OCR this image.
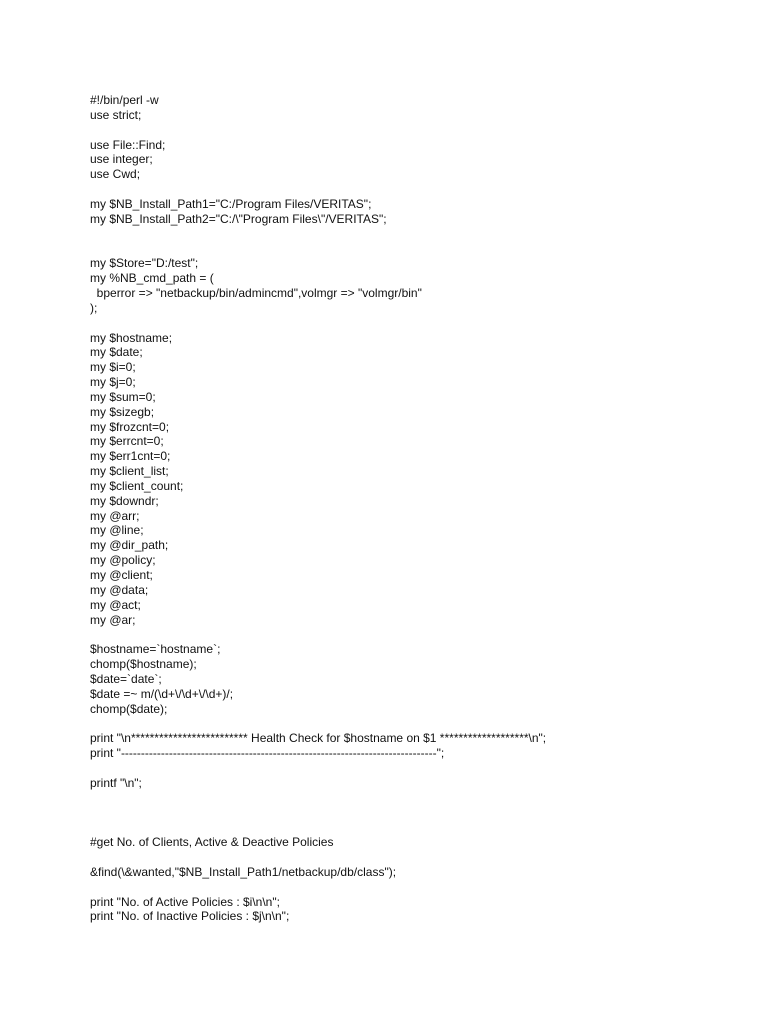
#!/bin/perl -w
use strict;
use File::Find;
use integer;
use Cwd;
my $NB_Install_Path1="C:/Program Files/VERITAS";
my $NB_Install_Path2="C:/\"Program Files\"/VERITAS";
my $Store="D:/test";
my %NB_cmd_path = (
bperror => "netbackup/bin/admincmd",volmgr => "volmgr/bin"
);
my $hostname;
my $date;
my $i=0;
my $j=0;
my $sum=0;
my $sizegb;
my $frozcnt=0;
my $errcnt=0;
my $err1cnt=0;
my $client_list;
my $client_count;
my $downdr;
my @arr;
my @line;
my @dir_path;
my @policy;
my @client;
my @data;
my @act;
my @ar;
$hostname=`hostname`;
chomp($hostname);
$date=`date`;
$date =~ m/(\d+\/\d+\/\d+)/;
chomp($date);
print "\n************************* Health Check for $hostname on $1 *******************\n";
print "-------------------------------------------------------------------------------";
printf "\n";
#get No. of Clients, Active & Deactive Policies
&find(\&wanted,"$NB_Install_Path1/netbackup/db/class");
print "No. of Active Policies : $i\n\n";
print "No. of Inactive Policies : $j\n\n";
